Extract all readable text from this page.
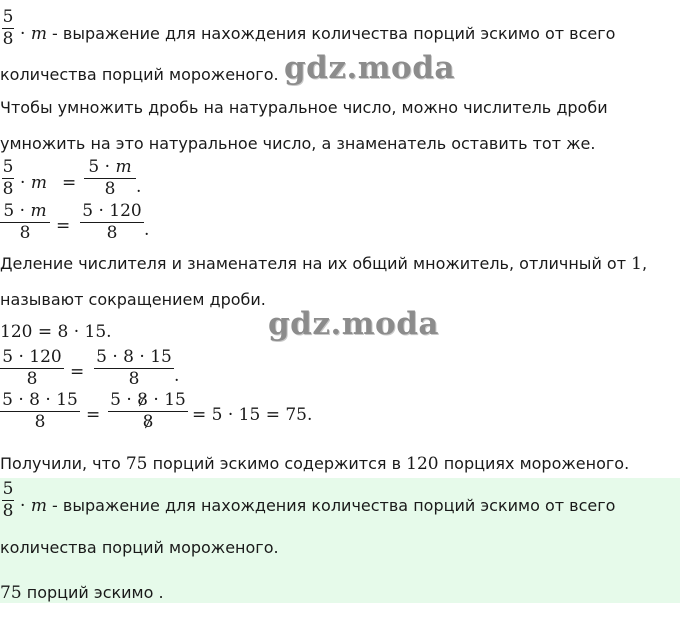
gdz.moda
gdz.moda
5
8 · m - выражение для нахождения количества порций эскимо от всего
количества порций мороженого.
Чтобы умножить дробь на натуральное число, можно числитель дроби
умножить на это натуральное число, а знаменатель оставить тот же.
5
8 · m =
5 · m
8	.
5 · m
8	=
5 · 120
8	.
Деление числителя и знаменателя на их общий множитель, отличный от 1,
называют сокращением дроби.
120 = 8 · 15.
5 · 120
8	=
5 · 8 · 15
8	.
5 · 8 · 15
8	=
5 · 8 · 15
8	= 5 · 15 = 75.
Получили, что 75 порций эскимо содержится в 120 порциях мороженого.
5
8 · m - выражение для нахождения количества порций эскимо от всего
количества порций мороженого.
75 порций эскимо .
